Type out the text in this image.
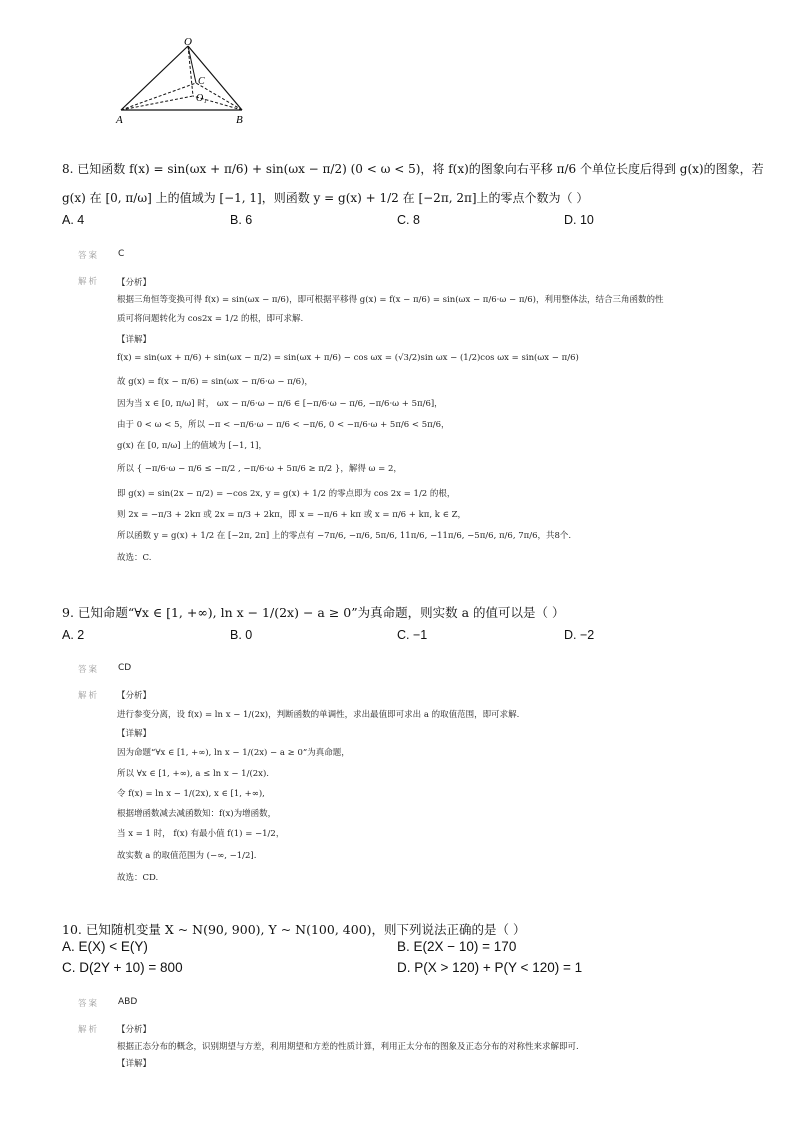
O
C
O₁
A	B
8. 已知函数 f(x) = sin(ωx + π/6) + sin(ωx − π/2) (0 < ω < 5)，将 f(x)的图象向右平移 π/6 个单位长度后得到 g(x)的图象，若
g(x) 在 [0, π/ω] 上的值域为 [−1, 1]，则函数 y = g(x) + 1/2 在 [−2π, 2π]上的零点个数为（ ）
A. 4	B. 6	C. 8	D. 10
答案 C
解析 【分析】
根据三角恒等变换可得 f(x) = sin(ωx − π/6)，即可根据平移得 g(x) = f(x − π/6) = sin(ωx − π/6·ω − π/6)，利用整体法，结合三角函数的性
质可将问题转化为 cos2x = 1/2 的根，即可求解.
【详解】
f(x) = sin(ωx + π/6) + sin(ωx − π/2) = sin(ωx + π/6) − cos ωx = (√3/2)sin ωx − (1/2)cos ωx = sin(ωx − π/6)
故 g(x) = f(x − π/6) = sin(ωx − π/6·ω − π/6)，
因为当 x ∈ [0, π/ω] 时， ωx − π/6·ω − π/6 ∈ [−π/6·ω − π/6, −π/6·ω + 5π/6]，
由于 0 < ω < 5，所以 −π < −π/6·ω − π/6 < −π/6, 0 < −π/6·ω + 5π/6 < 5π/6，
g(x) 在 [0, π/ω] 上的值域为 [−1, 1]，
所以 { −π/6·ω − π/6 ≤ −π/2 , −π/6·ω + 5π/6 ≥ π/2 }，解得 ω = 2，
即 g(x) = sin(2x − π/2) = −cos 2x, y = g(x) + 1/2 的零点即为 cos 2x = 1/2 的根，
则 2x = −π/3 + 2kπ 或 2x = π/3 + 2kπ，即 x = −π/6 + kπ 或 x = π/6 + kπ, k ∈ Z，
所以函数 y = g(x) + 1/2 在 [−2π, 2π] 上的零点有 −7π/6, −π/6, 5π/6, 11π/6, −11π/6, −5π/6, π/6, 7π/6，共8个.
故选：C.
9. 已知命题“∀x ∈ [1, +∞), ln x − 1/(2x) − a ≥ 0”为真命题，则实数 a 的值可以是（ ）
A. 2	B. 0	C. −1	D. −2
答案 CD
解析 【分析】
进行参变分离，设 f(x) = ln x − 1/(2x)，判断函数的单调性，求出最值即可求出 a 的取值范围，即可求解.
【详解】
因为命题“∀x ∈ [1, +∞), ln x − 1/(2x) − a ≥ 0”为真命题，
所以 ∀x ∈ [1, +∞), a ≤ ln x − 1/(2x).
令 f(x) = ln x − 1/(2x), x ∈ [1, +∞),
根据增函数减去减函数知：f(x)为增函数，
当 x = 1 时， f(x) 有最小值 f(1) = −1/2，
故实数 a 的取值范围为 (−∞, −1/2].
故选：CD.
10. 已知随机变量 X ~ N(90, 900), Y ~ N(100, 400)，则下列说法正确的是（ ）
A. E(X) < E(Y)	B. E(2X − 10) = 170
C. D(2Y + 10) = 800	D. P(X > 120) + P(Y < 120) = 1
答案 ABD
解析 【分析】
根据正态分布的概念，识别期望与方差，利用期望和方差的性质计算，利用正太分布的图象及正态分布的对称性来求解即可.
【详解】
